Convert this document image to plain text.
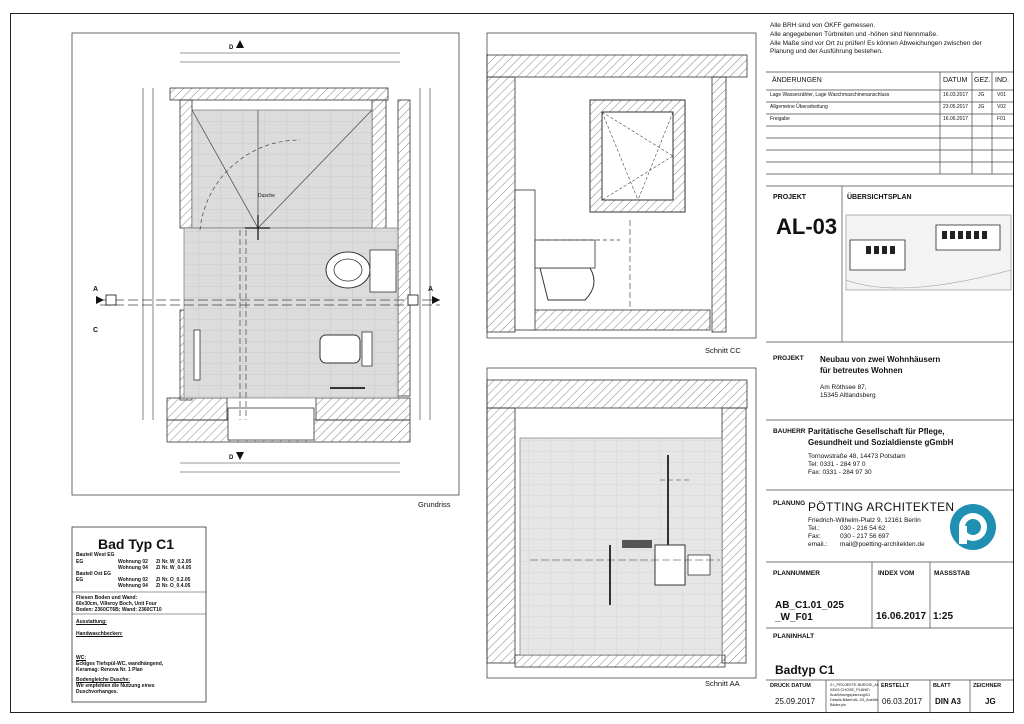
Alle BRH sind von OKFF gemessen.
Alle angegebenen Türbreiten und -höhen sind Nennmaße.
Alle Maße sind vor Ort zu prüfen! Es können Abweichungen zwischen der
Planung und der Ausführung bestehen.
ÄNDERUNGEN	DATUM GEZ. IND.
Lage Wasserzähler, Lage Waschmaschinenanschluss	16.03.2017 JG	V01
Allgemeine Überarbeitung	23.05.2017 JG	V02
Freigabe	16.06.2017	F01
PROJEKT	ÜBERSICHTSPLAN
AL-03
PROJEKT Neubau von zwei Wohnhäusern
für betreutes Wohnen
Am Röthsee 87,
15345 Altlandsberg
BAUHERR Paritätische Gesellschaft für Pflege,
Gesundheit und Sozialdienste gGmbH
Tornowstraße 48, 14473 Potsdam
Tel: 0331 - 284 97 0
Fax: 0331 - 284 97 30
PLANUNG PÖTTING ARCHITEKTEN
Friedrich-Wilhelm-Platz 9, 12161 Berlin
Tel.:	030 - 216 54 62
Fax:	030 - 217 56 697
email.: mail@poetting-architekten.de
PLANNUMMER	INDEX VOM	MASSSTAB
AB_C1.01_025
_W_F01	16.06.2017 1:25
PLANINHALT
Badtyp C1
DRUCK DATUM
25.09.2017
Z:\_PROJEKTE BÜROS\_AL
03\03 CHOSE_PLÄNE\
Ausführungsplanung\01
Details Bäder\AL-03_Ausfüh
Bäder.pln
ERSTELLT
06.03.2017
BLATT
DIN A3
ZEICHNER
JG
Grundriss
Schnitt CC
Schnitt AA
A	A
C
D
D
Dusche
Bad Typ C1
Bauteil West EG
EG	Wohnung 02 Zi Nr. W_0.2.05
Wohnung 04 Zi Nr. W_0.4.05
Bauteil Ost EG
EG	Wohnung 02 Zi Nr. O_0.2.05
Wohnung 04 Zi Nr. O_0.4.05
Fliesen Boden und Wand:
60x30cm, Villeroy Boch, Unit Four
Boden: 2360CT6B; Wand: 2360CT10
Ausstattung:
Handwaschbecken:
WC:
Eckiges Tiefspül-WC, wandhängend,
Keramag: Renova Nr. 1 Plan
Bodengleiche Dusche:
Wir empfehlen die Nutzung eines
Duschvorhanges.
